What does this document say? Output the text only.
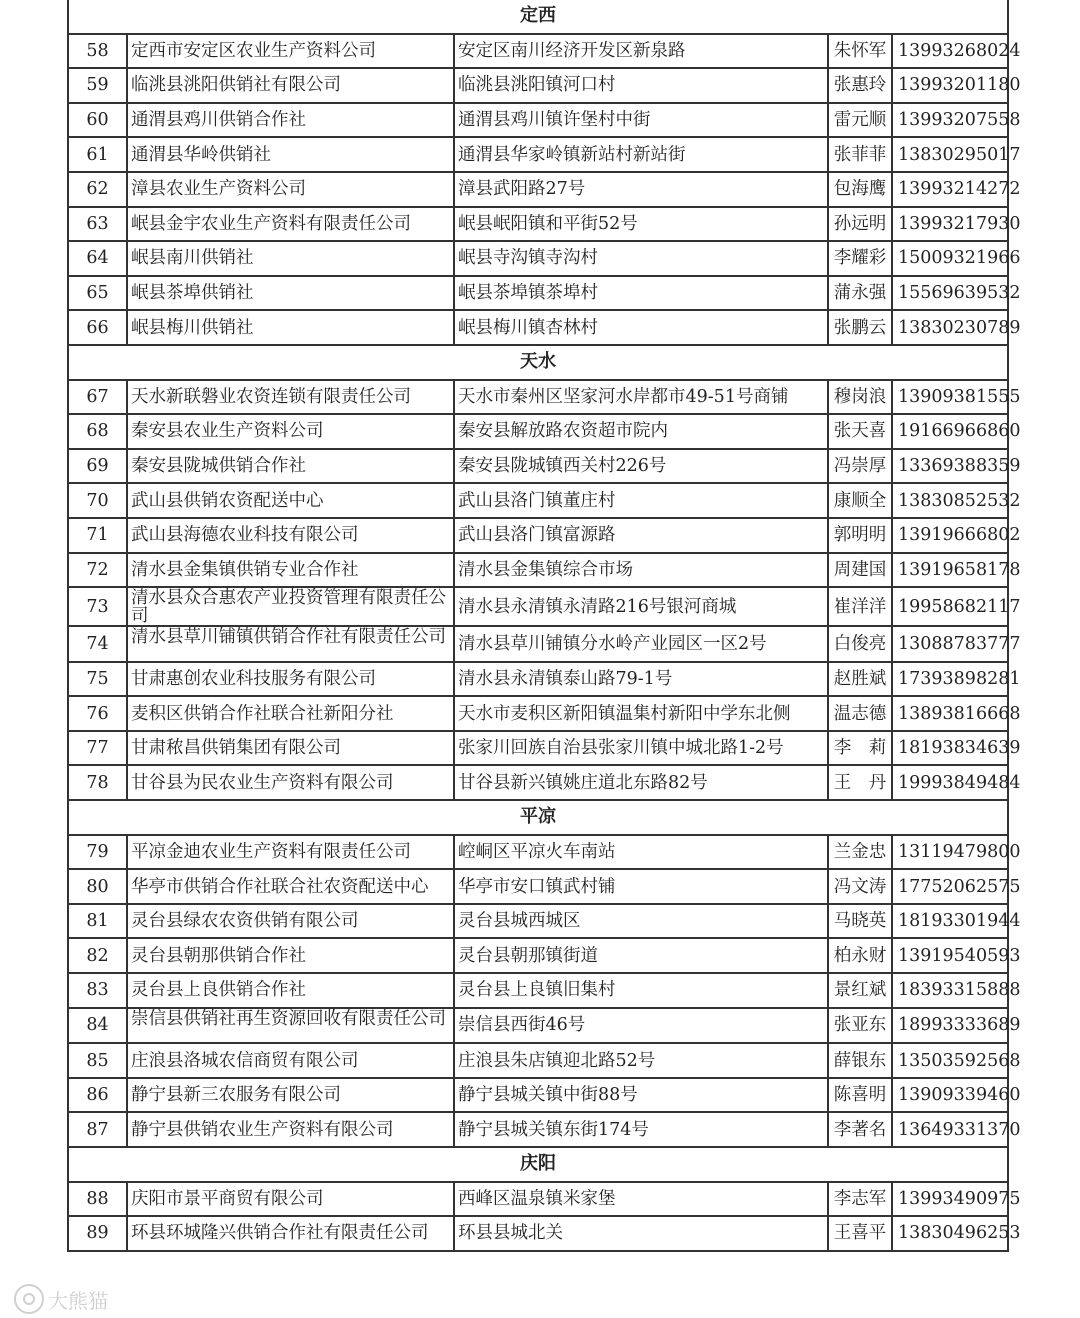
定西				
58	定西市安定区农业生产资料公司	安定区南川经济开发区新泉路	朱怀军	13993268024
59	临洮县洮阳供销社有限公司	临洮县洮阳镇河口村	张惠玲	13993201180
60	通渭县鸡川供销合作社	通渭县鸡川镇许堡村中街	雷元顺	13993207558
61	通渭县华岭供销社	通渭县华家岭镇新站村新站街	张菲菲	13830295017
62	漳县农业生产资料公司	漳县武阳路27号	包海鹰	13993214272
63	岷县金宇农业生产资料有限责任公司	岷县岷阳镇和平街52号	孙远明	13993217930
64	岷县南川供销社	岷县寺沟镇寺沟村	李耀彩	15009321966
65	岷县茶埠供销社	岷县茶埠镇茶埠村	蒲永强	15569639532
66	岷县梅川供销社	岷县梅川镇杏林村	张鹏云	13830230789
天水				
67	天水新联磐业农资连锁有限责任公司	天水市秦州区坚家河水岸都市49-51号商铺	穆岗浪	13909381555
68	秦安县农业生产资料公司	秦安县解放路农资超市院内	张天喜	19166966860
69	秦安县陇城供销合作社	秦安县陇城镇西关村226号	冯崇厚	13369388359
70	武山县供销农资配送中心	武山县洛门镇董庄村	康顺全	13830852532
71	武山县海德农业科技有限公司	武山县洛门镇富源路	郭明明	13919666802
72	清水县金集镇供销专业合作社	清水县金集镇综合市场	周建国	13919658178
73	清水县众合惠农产业投资管理有限责任公司	清水县永清镇永清路216号银河商城	崔洋洋	19958682117
74	清水县草川铺镇供销合作社有限责任公司	清水县草川铺镇分水岭产业园区一区2号	白俊亮	13088783777
75	甘肃惠创农业科技服务有限公司	清水县永清镇泰山路79-1号	赵胜斌	17393898281
76	麦积区供销合作社联合社新阳分社	天水市麦积区新阳镇温集村新阳中学东北侧	温志德	13893816668
77	甘肃秾昌供销集团有限公司	张家川回族自治县张家川镇中城北路1-2号	李　莉	18193834639
78	甘谷县为民农业生产资料有限公司	甘谷县新兴镇姚庄道北东路82号	王　丹	19993849484
平凉				
79	平凉金迪农业生产资料有限责任公司	崆峒区平凉火车南站	兰金忠	13119479800
80	华亭市供销合作社联合社农资配送中心	华亭市安口镇武村铺	冯文涛	17752062575
81	灵台县绿农农资供销有限公司	灵台县城西城区	马晓英	18193301944
82	灵台县朝那供销合作社	灵台县朝那镇街道	柏永财	13919540593
83	灵台县上良供销合作社	灵台县上良镇旧集村	景红斌	18393315888
84	崇信县供销社再生资源回收有限责任公司	崇信县西街46号	张亚东	18993333689
85	庄浪县洛城农信商贸有限公司	庄浪县朱店镇迎北路52号	薛银东	13503592568
86	静宁县新三农服务有限公司	静宁县城关镇中街88号	陈喜明	13909339460
87	静宁县供销农业生产资料有限公司	静宁县城关镇东街174号	李著名	13649331370
庆阳				
88	庆阳市景平商贸有限公司	西峰区温泉镇米家堡	李志军	13993490975
89	环县环城隆兴供销合作社有限责任公司	环县县城北关	王喜平	13830496253
大熊猫
